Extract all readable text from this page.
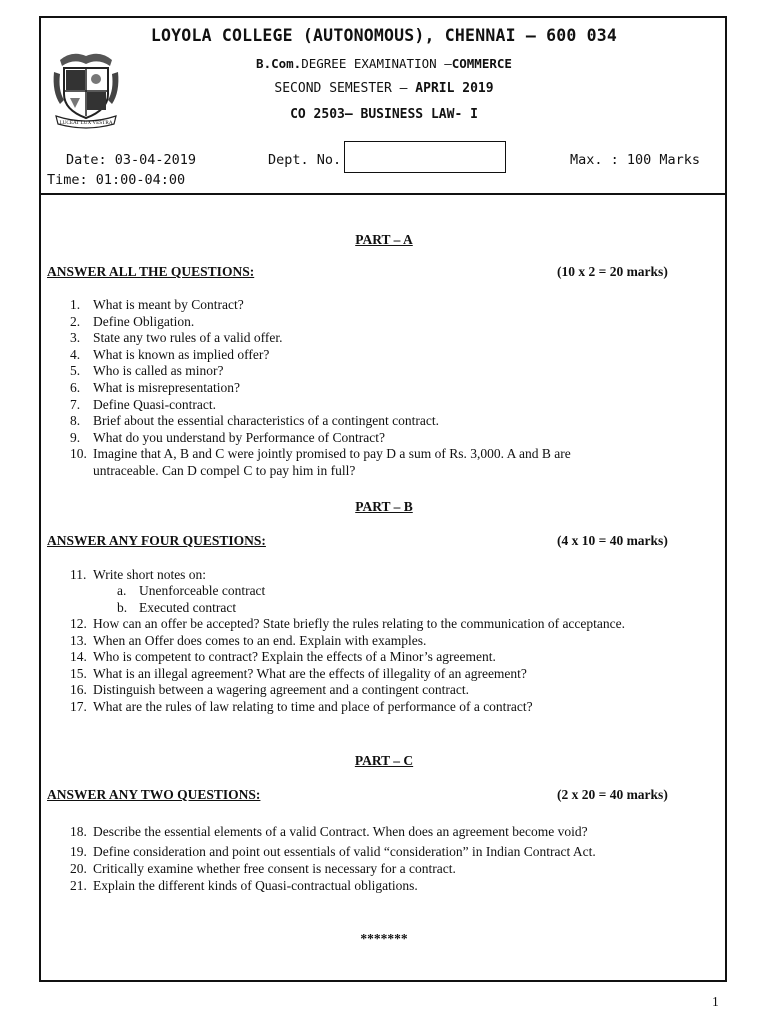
LUCEAT LUX VESTRA
LOYOLA COLLEGE (AUTONOMOUS), CHENNAI – 600 034
B.Com.DEGREE EXAMINATION –COMMERCE
SECOND SEMESTER – APRIL 2019
CO 2503– BUSINESS LAW- I
Date: 03-04-2019	Dept. No.	Max. : 100 Marks
Time: 01:00-04:00
PART – A
ANSWER ALL THE QUESTIONS:	(10 x 2 = 20 marks)
1. What is meant by Contract?
2. Define Obligation.
3. State any two rules of a valid offer.
4. What is known as implied offer?
5. Who is called as minor?
6. What is misrepresentation?
7. Define Quasi-contract.
8. Brief about the essential characteristics of a contingent contract.
9. What do you understand by Performance of Contract?
10. Imagine that A, B and C were jointly promised to pay D a sum of Rs. 3,000. A and B are
untraceable. Can D compel C to pay him in full?
PART – B
ANSWER ANY FOUR QUESTIONS:	(4 x 10 = 40 marks)
11. Write short notes on:
a. Unenforceable contract
b. Executed contract
12. How can an offer be accepted? State briefly the rules relating to the communication of acceptance.
13. When an Offer does comes to an end. Explain with examples.
14. Who is competent to contract? Explain the effects of a Minor’s agreement.
15. What is an illegal agreement? What are the effects of illegality of an agreement?
16. Distinguish between a wagering agreement and a contingent contract.
17. What are the rules of law relating to time and place of performance of a contract?
PART – C
ANSWER ANY TWO QUESTIONS:	(2 x 20 = 40 marks)
18. Describe the essential elements of a valid Contract. When does an agreement become void?
19. Define consideration and point out essentials of valid “consideration” in Indian Contract Act.
20. Critically examine whether free consent is necessary for a contract.
21. Explain the different kinds of Quasi-contractual obligations.
*******
1
